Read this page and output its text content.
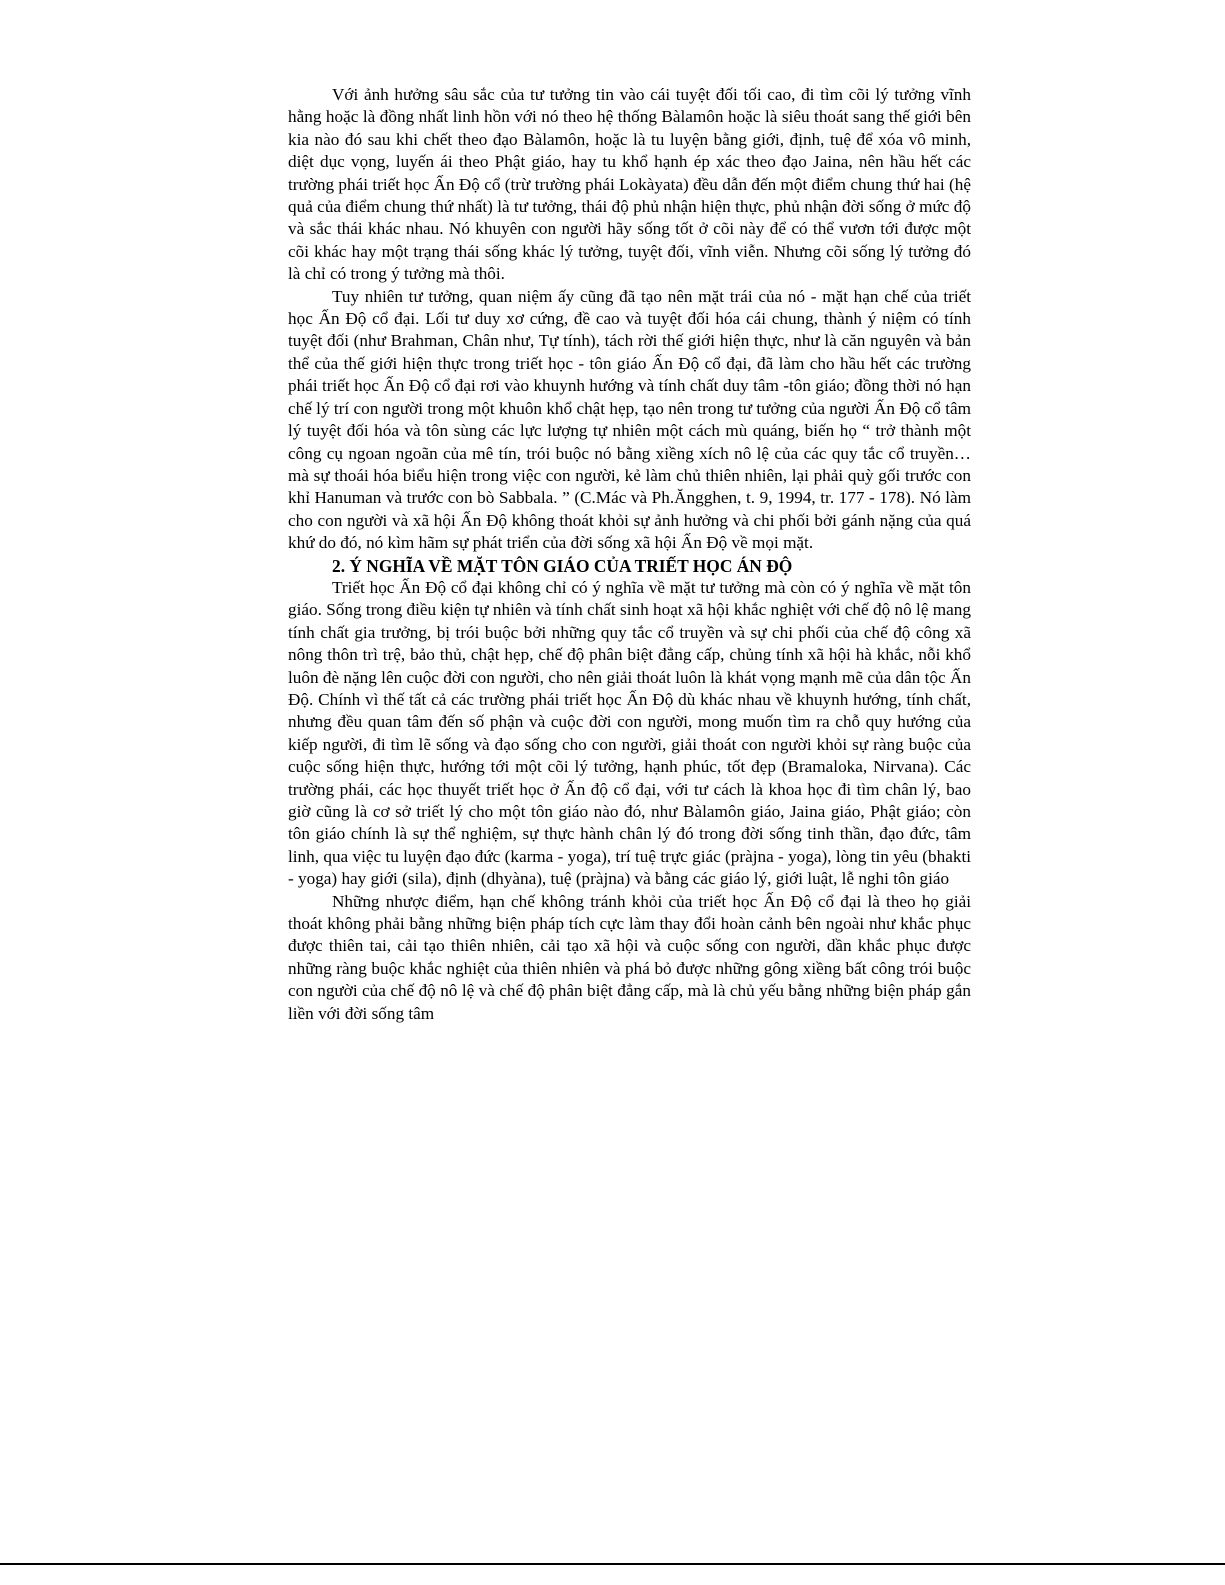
Với ảnh hưởng sâu sắc của tư tưởng tin vào cái tuyệt đối tối cao, đi tìm cõi lý tưởng vĩnh hằng hoặc là đồng nhất linh hồn với nó theo hệ thống Bàlamôn hoặc là siêu thoát sang thế giới bên kia nào đó sau khi chết theo đạo Bàlamôn, hoặc là tu luyện bằng giới, định, tuệ để xóa vô minh, diệt dục vọng, luyến ái theo Phật giáo, hay tu khổ hạnh ép xác theo đạo Jaina, nên hầu hết các trường phái triết học Ấn Độ cổ (trừ trường phái Lokàyata) đều dẫn đến một điểm chung thứ hai (hệ quả của điểm chung thứ nhất) là tư tưởng, thái độ phủ nhận hiện thực, phủ nhận đời sống ở mức độ và sắc thái khác nhau. Nó khuyên con người hãy sống tốt ở cõi này để có thể vươn tới được một cõi khác hay một trạng thái sống khác lý tưởng, tuyệt đối, vĩnh viễn. Nhưng cõi sống lý tưởng đó là chỉ có trong ý tưởng mà thôi.

Tuy nhiên tư tưởng, quan niệm ấy cũng đã tạo nên mặt trái của nó - mặt hạn chế của triết học Ấn Độ cổ đại. Lối tư duy xơ cứng, đề cao và tuyệt đối hóa cái chung, thành ý niệm có tính tuyệt đối (như Brahman, Chân như, Tự tính), tách rời thế giới hiện thực, như là căn nguyên và bản thể của thế giới hiện thực trong triết học - tôn giáo Ấn Độ cổ đại, đã làm cho hầu hết các trường phái triết học Ấn Độ cổ đại rơi vào khuynh hướng và tính chất duy tâm -tôn giáo; đồng thời nó hạn chế lý trí con người trong một khuôn khổ chật hẹp, tạo nên trong tư tưởng của người Ấn Độ cổ tâm lý tuyệt đối hóa và tôn sùng các lực lượng tự nhiên một cách mù quáng, biến họ “ trở thành một công cụ ngoan ngoãn của mê tín, trói buộc nó bằng xiềng xích nô lệ của các quy tắc cổ truyền… mà sự thoái hóa biểu hiện trong việc con người, kẻ làm chủ thiên nhiên, lại phải quỳ gối trước con khỉ Hanuman và trước con bò Sabbala. ” (C.Mác và Ph.Ăngghen, t. 9, 1994, tr. 177 - 178). Nó làm cho con người và xã hội Ấn Độ không thoát khỏi sự ảnh hưởng và chi phối bởi gánh nặng của quá khứ do đó, nó kìm hãm sự phát triển của đời sống xã hội Ấn Độ về mọi mặt.

2. Ý NGHĨA VỀ MẶT TÔN GIÁO CỦA TRIẾT HỌC ÁN ĐỘ

Triết học Ấn Độ cổ đại không chỉ có ý nghĩa về mặt tư tưởng mà còn có ý nghĩa về mặt tôn giáo. Sống trong điều kiện tự nhiên và tính chất sinh hoạt xã hội khắc nghiệt với chế độ nô lệ mang tính chất gia trưởng, bị trói buộc bởi những quy tắc cổ truyền và sự chi phối của chế độ công xã nông thôn trì trệ, bảo thủ, chật hẹp, chế độ phân biệt đẳng cấp, chủng tính xã hội hà khắc, nỗi khổ luôn đè nặng lên cuộc đời con người, cho nên giải thoát luôn là khát vọng mạnh mẽ của dân tộc Ấn Độ. Chính vì thế tất cả các trường phái triết học Ấn Độ dù khác nhau về khuynh hướng, tính chất, nhưng đều quan tâm đến số phận và cuộc đời con người, mong muốn tìm ra chỗ quy hướng của kiếp người, đi tìm lẽ sống và đạo sống cho con người, giải thoát con người khỏi sự ràng buộc của cuộc sống hiện thực, hướng tới một cõi lý tưởng, hạnh phúc, tốt đẹp (Bramaloka, Nirvana). Các trường phái, các học thuyết triết học ở Ấn độ cổ đại, với tư cách là khoa học đi tìm chân lý, bao giờ cũng là cơ sở triết lý cho một tôn giáo nào đó, như Bàlamôn giáo, Jaina giáo, Phật giáo; còn tôn giáo chính là sự thể nghiệm, sự thực hành chân lý đó trong đời sống tinh thần, đạo đức, tâm linh, qua việc tu luyện đạo đức (karma - yoga), trí tuệ trực giác (pràjna - yoga), lòng tin yêu (bhakti - yoga) hay giới (sila), định (dhyàna), tuệ (pràjna) và bằng các giáo lý, giới luật, lễ nghi tôn giáo

Những nhược điểm, hạn chế không tránh khỏi của triết học Ấn Độ cổ đại là theo họ giải thoát không phải bằng những biện pháp tích cực làm thay đổi hoàn cảnh bên ngoài như khắc phục được thiên tai, cải tạo thiên nhiên, cải tạo xã hội và cuộc sống con người, dần khắc phục được những ràng buộc khắc nghiệt của thiên nhiên và phá bỏ được những gông xiềng bất công trói buộc con người của chế độ nô lệ và chế độ phân biệt đẳng cấp, mà là chủ yếu bằng những biện pháp gắn liền với đời sống tâm
